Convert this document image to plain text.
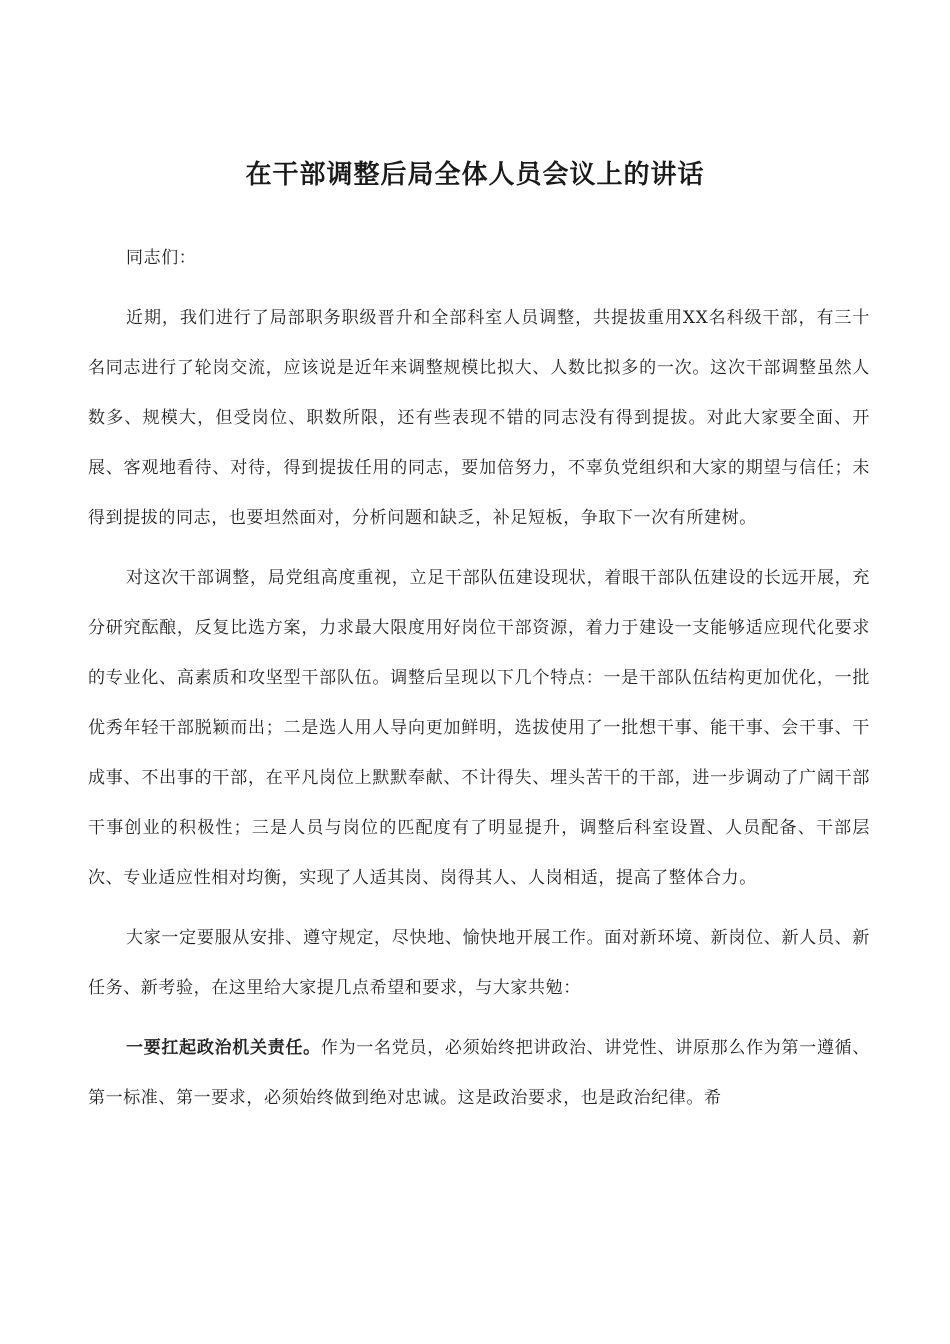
在干部调整后局全体人员会议上的讲话

同志们：

近期，我们进行了局部职务职级晋升和全部科室人员调整，共提拔重用XX名科级干部，有三十名同志进行了轮岗交流，应该说是近年来调整规模比拟大、人数比拟多的一次。这次干部调整虽然人数多、规模大，但受岗位、职数所限，还有些表现不错的同志没有得到提拔。对此大家要全面、开展、客观地看待、对待，得到提拔任用的同志，要加倍努力，不辜负党组织和大家的期望与信任；未得到提拔的同志，也要坦然面对，分析问题和缺乏，补足短板，争取下一次有所建树。

对这次干部调整，局党组高度重视，立足干部队伍建设现状，着眼干部队伍建设的长远开展，充分研究酝酿，反复比选方案，力求最大限度用好岗位干部资源，着力于建设一支能够适应现代化要求的专业化、高素质和攻坚型干部队伍。调整后呈现以下几个特点：一是干部队伍结构更加优化，一批优秀年轻干部脱颖而出；二是选人用人导向更加鲜明，选拔使用了一批想干事、能干事、会干事、干成事、不出事的干部，在平凡岗位上默默奉献、不计得失、埋头苦干的干部，进一步调动了广阔干部干事创业的积极性；三是人员与岗位的匹配度有了明显提升，调整后科室设置、人员配备、干部层次、专业适应性相对均衡，实现了人适其岗、岗得其人、人岗相适，提高了整体合力。

大家一定要服从安排、遵守规定，尽快地、愉快地开展工作。面对新环境、新岗位、新人员、新任务、新考验，在这里给大家提几点希望和要求，与大家共勉：

一要扛起政治机关责任。作为一名党员，必须始终把讲政治、讲党性、讲原那么作为第一遵循、第一标准、第一要求，必须始终做到绝对忠诚。这是政治要求，也是政治纪律。希
